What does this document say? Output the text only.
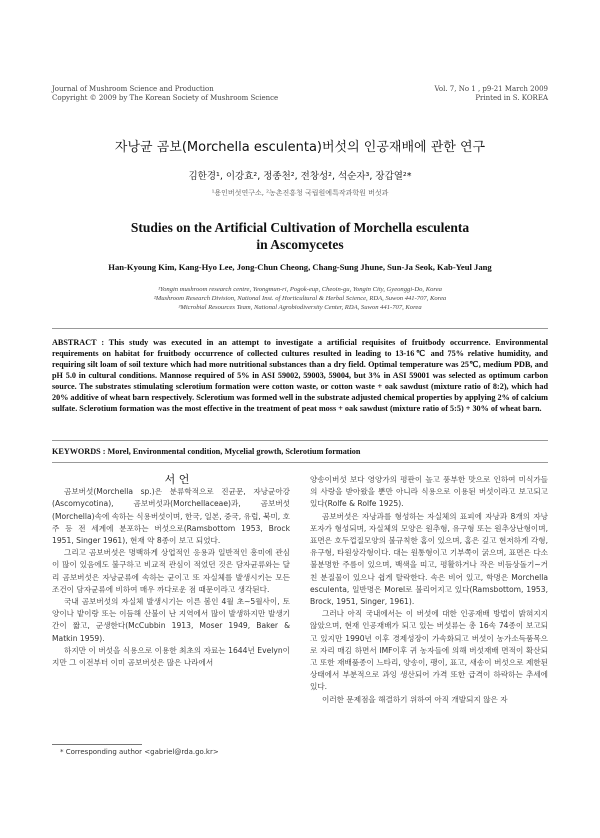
Journal of Mushroom Science and Production
Copyright © 2009 by The Korean Society of Mushroom Science
Vol. 7, No 1 , p9-21 March 2009
Printed in S. KOREA
자낭균 곰보(Morchella esculenta)버섯의 인공재배에 관한 연구
김한경¹, 이강효², 정종천², 전창성², 석순자³, 장갑열²*
¹용인버섯연구소, ²농촌진흥청 국립원예특작과학원 버섯과
Studies on the Artificial Cultivation of Morchella esculenta
in Ascomycetes
Han-Kyoung Kim, Kang-Hyo Lee, Jong-Chun Cheong, Chang-Sung Jhune, Sun-Ja Seok, Kab-Yeul Jang
¹Yongin mushroom research centre, Yeongmun-ri, Pogok-eup, Cheoin-gu, Yongin City, Gyeonggi-Do, Korea
²Mushroom Research Division, National Inst. of Horticultural & Herbal Science, RDA, Suwon 441-707, Korea
³Microbial Resources Team, National Agrobiodiversity Center, RDA, Suwon 441-707, Korea
ABSTRACT : This study was executed in an attempt to investigate a artificial requisites of fruitbody occurrence. Environmental requirements on habitat for fruitbody occurrence of collected cultures resulted in leading to 13-16℃ and 75% relative humidity, and requiring silt loam of soil texture which had more nutritional substances than a dry field. Optimal temperature was 25℃, medium PDB, and pH 5.0 in cultural conditions. Mannose required of 5% in ASI 59002, 59003, 59004, but 3% in ASI 59001 was selected as optimum carbon source. The substrates stimulating sclerotium formation were cotton waste, or cotton waste + oak sawdust (mixture ratio of 8:2), which had 20% additive of wheat barn respectively. Sclerotium was formed well in the substrate adjusted chemical properties by applying 2% of calcium sulfate. Sclerotium formation was the most effective in the treatment of peat moss + oak sawdust (mixture ratio of 5:5) + 30% of wheat barn.
KEYWORDS : Morel, Environmental condition, Mycelial growth, Sclerotium formation

서 언

곰보버섯(Morchella sp.)은 분류학적으로 진균문, 자낭균아강(Ascomycotina), 곰보버섯과(Morchellaceae)과, 곰보버섯(Morchella)속에 속하는 식용버섯이며, 한국, 일본, 중국, 유럽, 북미, 호주 등 전 세계에 분포하는 버섯으로(Ramsbottom 1953, Brock 1951, Singer 1961), 현재 약 8종이 보고 되었다.

그리고 곰보버섯은 명백하게 상업적인 응용과 일반적인 흥미에 관심이 많이 있음에도 불구하고 비교적 관심이 적었던 것은 담자균류와는 달리 곰보버섯은 자낭균류에 속하는 균이고 또 자실체를 발생시키는 모든 조건이 담자균류에 비하여 매우 까다로운 점 때문이라고 생각된다.

국내 곰보버섯의 자실체 발생시기는 이른 봄인 4월 초~5월사이, 토양이나 밭이랑 또는 이듬해 산불이 난 지역에서 많이 발생하지만 발생기간이 짧고, 군생한다(McCubbin 1913, Moser 1949, Baker & Matkin 1959).

하지만 이 버섯을 식용으로 이용한 최초의 자료는 1644년 Evelyn이지만 그 이전부터 이미 곰보버섯은 많은 나라에서

양송이버섯 보다 영양가의 평판이 높고 풍부한 맛으로 인하여 미식가들의 사랑을 받아왔을 뿐만 아니라 식용으로 이용된 버섯이라고 보고되고 있다(Rolfe & Rolfe 1925).

곰보버섯은 자낭과를 형성하는 자실체의 표피에 자낭과 8개의 자낭포자가 형성되며, 자실체의 모양은 원추형, 유구형 또는 원추상난형이며, 표면은 호두껍질모양의 불규칙한 홈이 있으며, 홈은 깊고 현저하게 각형, 유구형, 타원상각형이다. 대는 원통형이고 기부쪽이 굵으며, 표면은 다소 불분명한 주름이 있으며, 백색을 띠고, 평활하거나 작은 비듬상돌기~거친 분질물이 있으나 쉽게 탈락한다. 속은 비어 있고, 학명은 Morchella esculenta, 일반명은 Morel로 불리어지고 있다(Ramsbottom, 1953, Brock, 1951, Singer, 1961).

그러나 아직 국내에서는 이 버섯에 대한 인공재배 방법이 밝혀지지 않았으며, 현재 인공재배가 되고 있는 버섯류는 총 16속 74종이 보고되고 있지만 1990년 이후 경제성장이 가속화되고 버섯이 농가소득품목으로 자리 매김 하면서 IMF이후 귀 농자들에 의해 버섯재배 면적이 확산되고 또한 재배품종이 느타리, 양송이, 팽이, 표고, 새송이 버섯으로 제한된 상태에서 부분적으로 과잉 생산되어 가격 또한 급격이 하락하는 추세에 있다.

이러한 문제점을 해결하기 위하여 아직 개발되지 않은 자

* Corresponding author <gabriel@rda.go.kr>
